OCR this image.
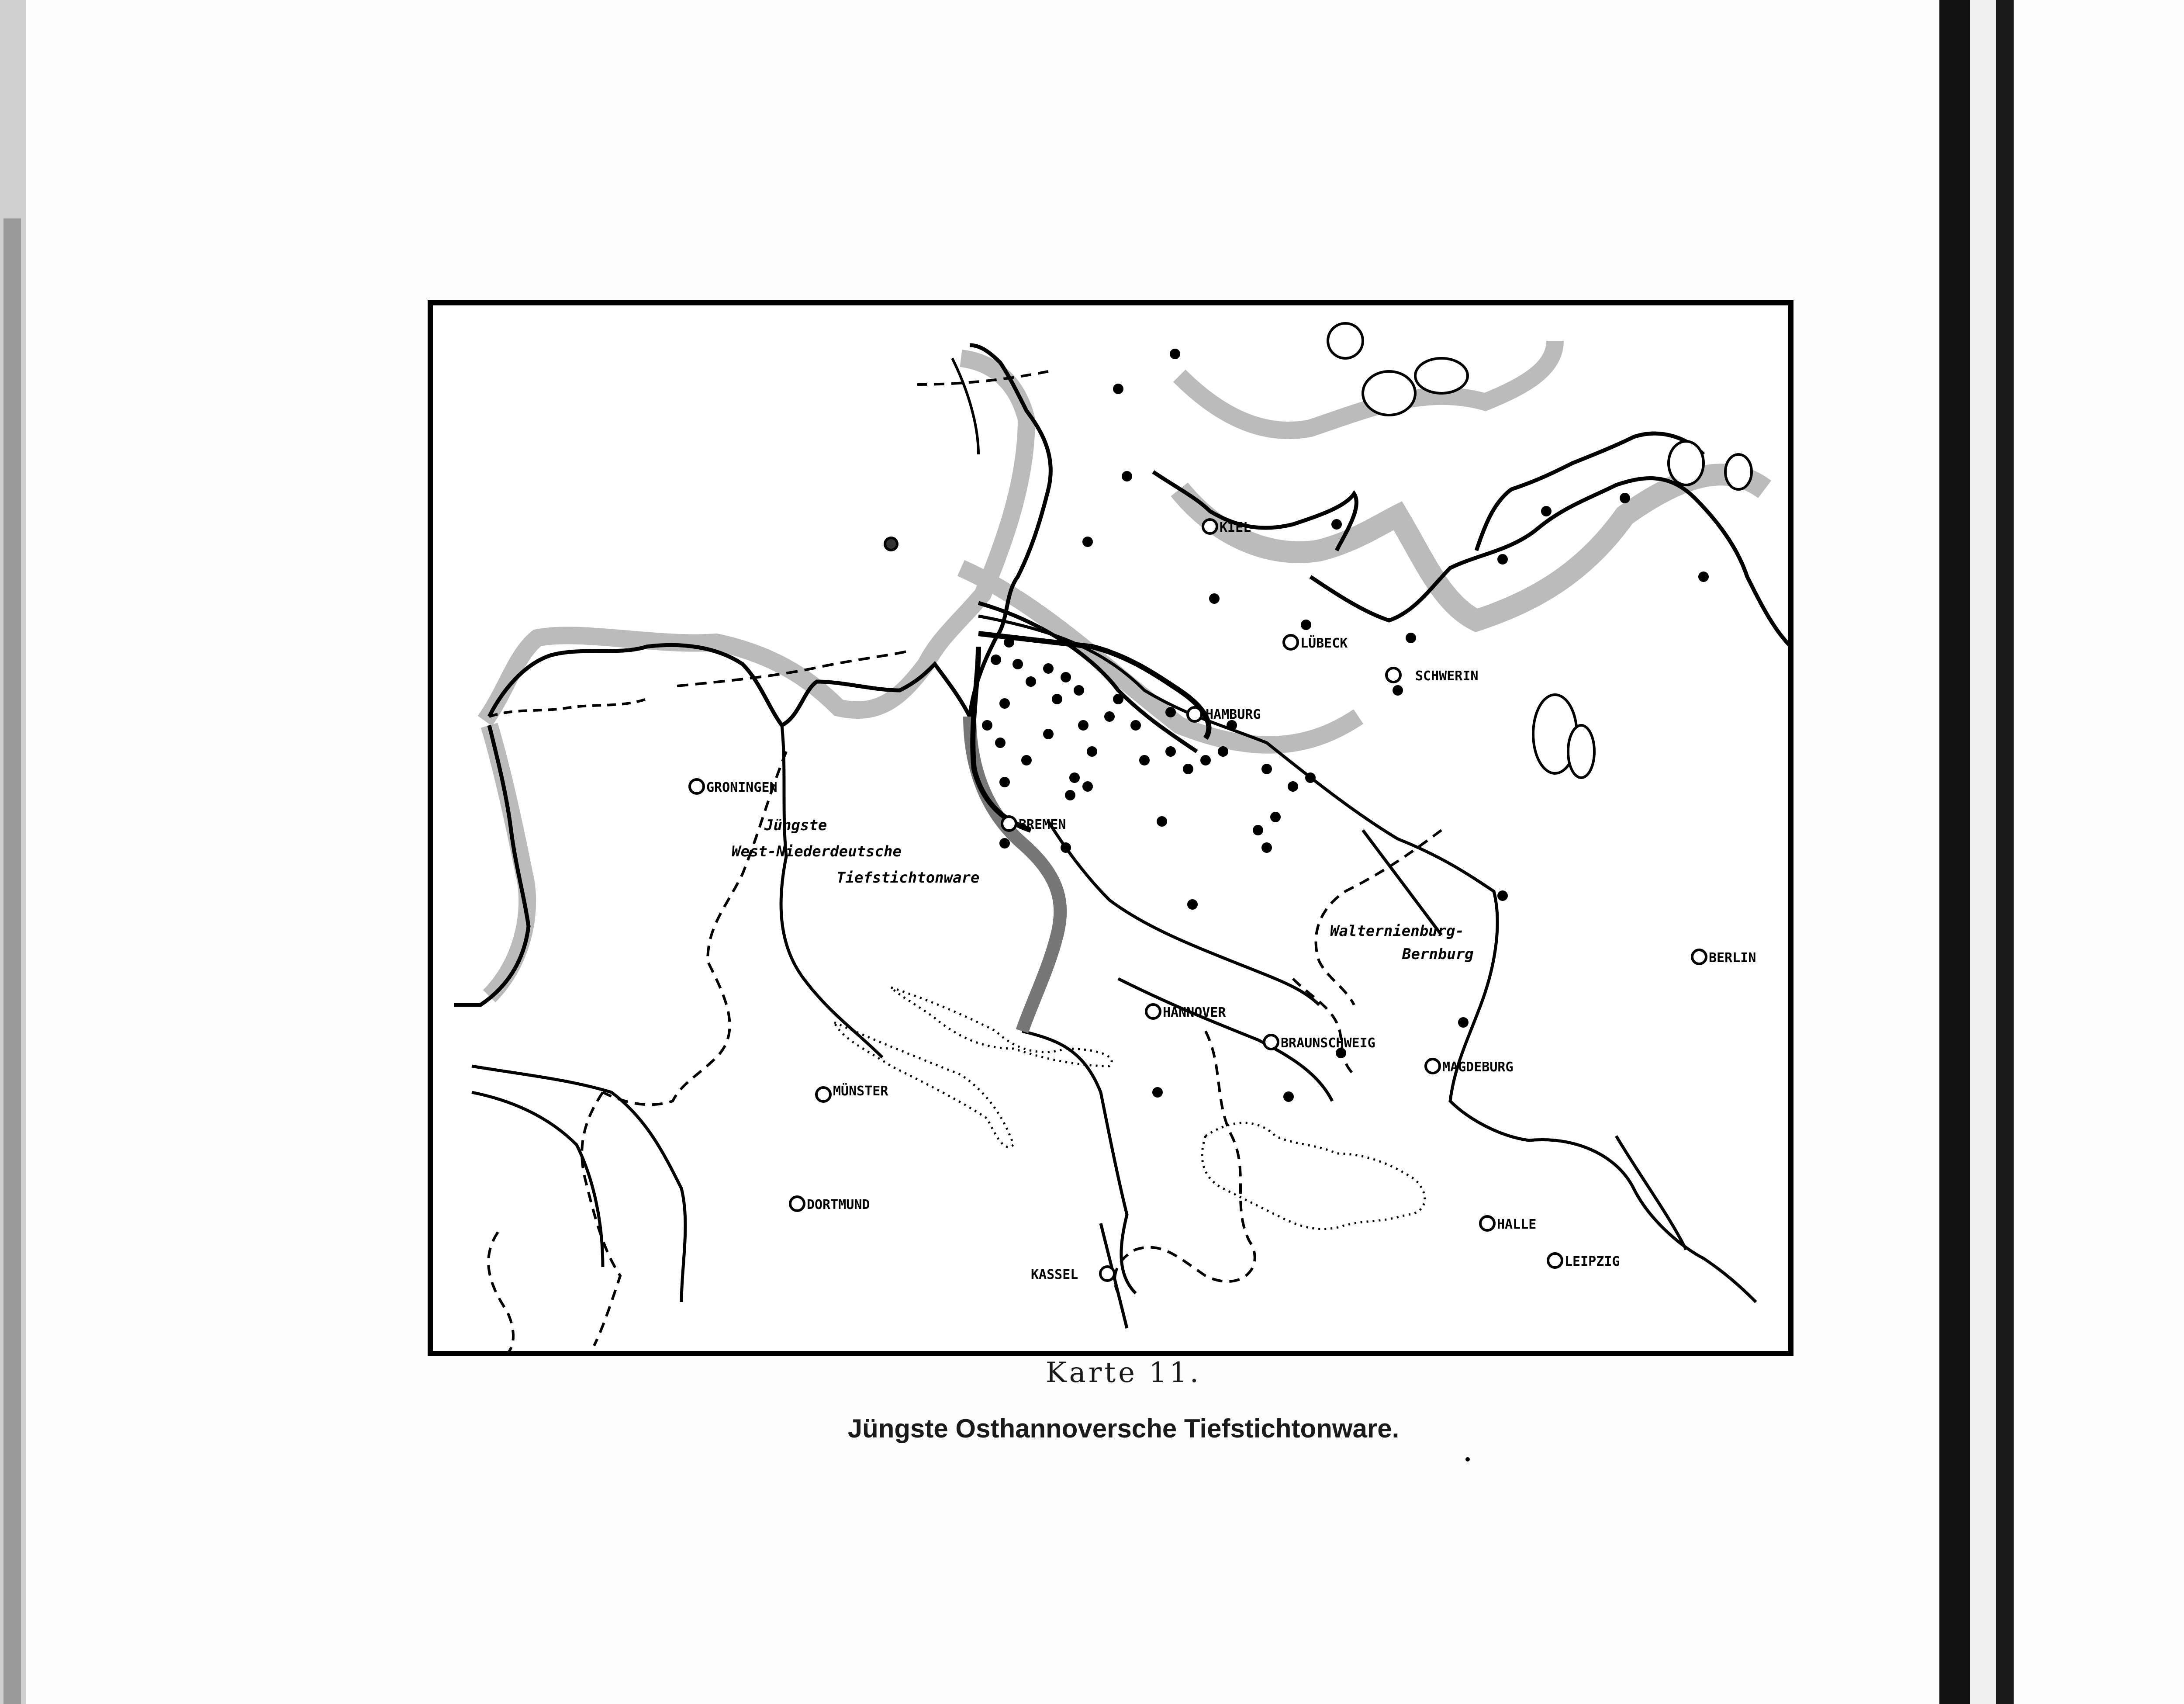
KIEL
LÜBECK
SCHWERIN
HAMBURG
GRONINGEN
BREMEN
BERLIN
HANNOVER
BRAUNSCHWEIG
MAGDEBURG
MÜNSTER
DORTMUND
HALLE
LEIPZIG
KASSEL
Jüngste
West-Niederdeutsche
Tiefstichtonware
Walternienburg-
Bernburg
Karte 11.
Jüngste Osthannoversche Tiefstichtonware.
